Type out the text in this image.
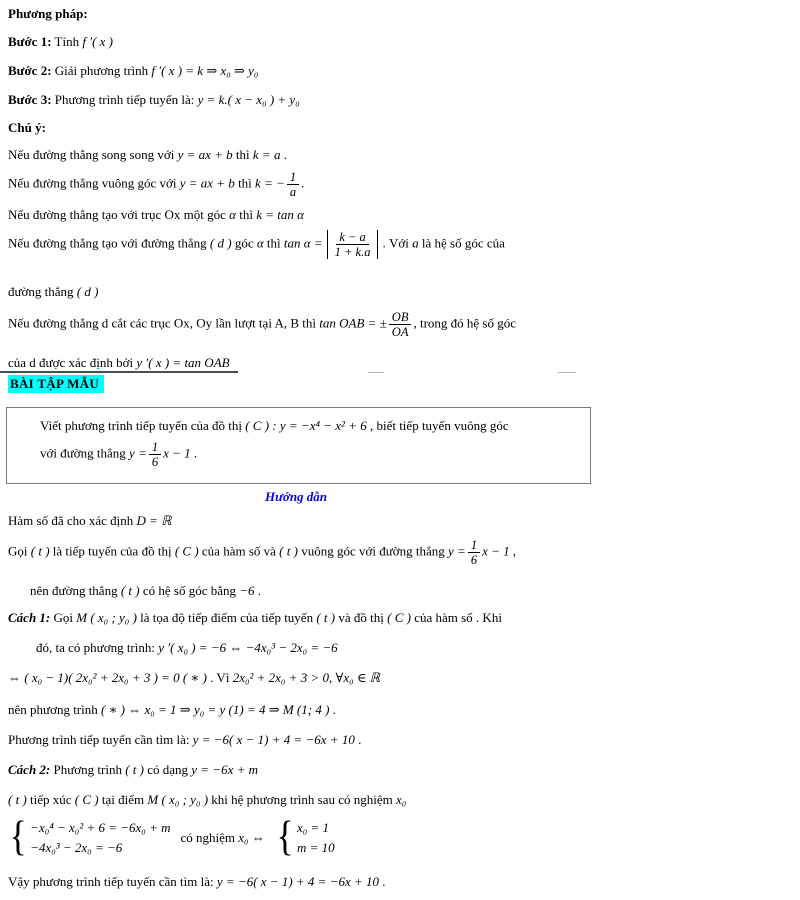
Phương pháp:
Bước 1: Tính f ′( x )
Bước 2: Giải phương trình f ′( x ) = k ⇒ x₀ ⇒ y₀
Bước 3: Phương trình tiếp tuyến là: y = k.( x − x₀ ) + y₀
Chú ý:
Nếu đường thẳng song song với y = ax + b thì k = a .
Nếu đường thẳng vuông góc với y = ax + b thì k = − $\frac{1}{a}$ .
Nếu đường thẳng tạo với trục Ox một góc α thì k = tan α
Nếu đường thẳng tạo với đường thẳng ( d ) góc α thì $\tan \alpha = \frac{k - a}{1 + k.a}$ . Với a là hệ số góc của
đường thẳng ( d )
Nếu đường thẳng d cắt các trục Ox, Oy lần lượt tại A, B thì tan OAB = ± $\frac{OB}{OA}$ , trong đó hệ số góc
của d được xác định bởi y ′( x ) = tan OAB
BÀI TẬP MẪU
Viết phương trình tiếp tuyến của đồ thị ( C ) : y = −x⁴ − x² + 6 , biết tiếp tuyến vuông góc
với đường thẳng $y = \frac{1}{6}$ x − 1 .
Hướng dẫn
Hàm số đã cho xác định D = ℝ
Gọi ( t ) là tiếp tuyến của đồ thị ( C ) của hàm số và ( t ) vuông góc với đường thẳng $y = \frac{1}{6}$ x − 1 ,
nên đường thẳng ( t ) có hệ số góc bằng −6 .
Cách 1: Gọi M ( x₀ ; y₀ ) là tọa độ tiếp điểm của tiếp tuyến ( t ) và đồ thị ( C ) của hàm số . Khi
đó, ta có phương trình: y ′( x₀ ) = −6 ⇔ −4x₀³ − 2x₀ = −6
⇔ ( x₀ − 1)( 2x₀² + 2x₀ + 3 ) = 0 ( ∗ ) . Vì 2x₀² + 2x₀ + 3 > 0, ∀x₀ ∈ ℝ
nên phương trình ( ∗ ) ⇔ x₀ = 1 ⇒ y₀ = y (1) = 4 ⇒ M (1; 4 ) .
Phương trình tiếp tuyến cần tìm là: y = −6( x − 1) + 4 = −6x + 10 .
Cách 2: Phương trình ( t ) có dạng y = −6x + m
( t ) tiếp xúc ( C ) tại điểm M ( x₀ ; y₀ ) khi hệ phương trình sau có nghiệm x₀
{ −x₀⁴ − x₀² + 6 = −6x₀ + m
−4x₀³ − 2x₀ = −6
có nghiệm x₀ ⇔ { x₀ = 1
m = 10
Vậy phương trình tiếp tuyến cần tìm là: y = −6( x − 1) + 4 = −6x + 10 .
